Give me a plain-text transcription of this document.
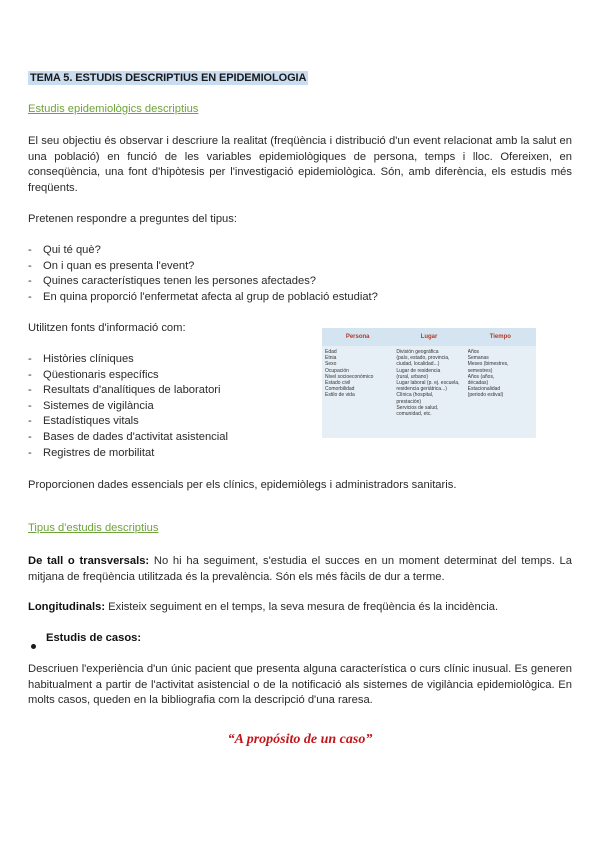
TEMA 5. ESTUDIS DESCRIPTIUS EN EPIDEMIOLOGIA
Estudis epidemiològics descriptius

El seu objectiu és observar i descriure la realitat (freqüència i distribució d'un event relacionat amb la salut en una població) en funció de les variables epidemiològiques de persona, temps i lloc. Ofereixen, en conseqüència, una font d'hipòtesis per l'investigació epidemiològica. Són, amb diferència, els estudis més freqüents.

Pretenen respondre a preguntes del tipus:
- Qui té què?
- On i quan es presenta l'event?
- Quines característiques tenen les persones afectades?
- En quina proporció l'enfermetat afecta al grup de població estudiat?
Utilitzen fonts d'informació com:
- Històries clíniques
- Qüestionaris específics
- Resultats d'analítiques de laboratori
- Sistemes de vigilància
- Estadístiques vitals
- Bases de dades d'activitat asistencial
- Registres de morbilitat
Persona	Lugar	Tiempo
Edad
Etnia
Sexo
Ocupación
Nivel socioeconómico
Estado civil
Comorbilidad
Estilo de vida
División geográfica
(país, estado, provincia,
ciudad, localidad...)
Lugar de residencia
(rural, urbano)
Lugar laboral (p. ej. escuela,
residencia geriátrica...)
Clínica (hospital,
prestación)
Servicios de salud,
comunidad, etc.
Años
Semanas
Meses (bimestres,
semestres)
Años (años,
décadas)
Estacionalidad
(periodo estival)
Proporcionen dades essencials per els clínics, epidemiòlegs i administradors sanitaris.
Tipus d'estudis descriptius

De tall o transversals: No hi ha seguiment, s'estudia el succes en un moment determinat del temps. La mitjana de freqüència utilitzada és la prevalència. Són els més fàcils de dur a terme.

Longitudinals: Existeix seguiment en el temps, la seva mesura de freqüència és la incidència.

Estudis de casos:

Descriuen l'experiència d'un únic pacient que presenta alguna característica o curs clínic inusual. Es generen habitualment a partir de l'activitat asistencial o de la notificació als sistemes de vigilància epidemiològica. En molts casos, queden en la bibliografia com la descripció d'una raresa.

“A propósito de un caso”
